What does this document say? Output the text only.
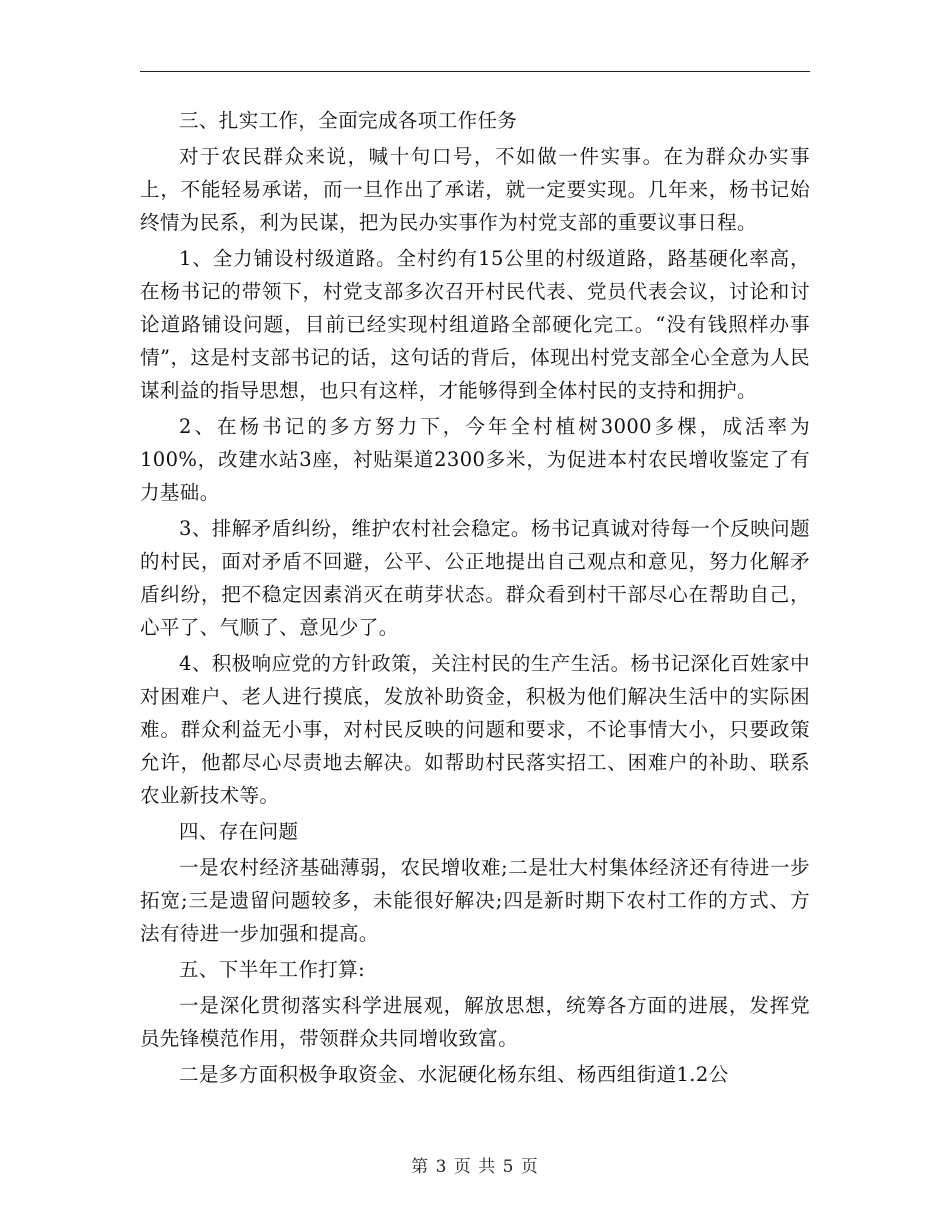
三、扎实工作，全面完成各项工作任务

对于农民群众来说，喊十句口号，不如做一件实事。在为群众办实事上，不能轻易承诺，而一旦作出了承诺，就一定要实现。几年来，杨书记始终情为民系，利为民谋，把为民办实事作为村党支部的重要议事日程。

1、全力铺设村级道路。全村约有15公里的村级道路，路基硬化率高，在杨书记的带领下，村党支部多次召开村民代表、党员代表会议，讨论和讨论道路铺设问题，目前已经实现村组道路全部硬化完工。“没有钱照样办事情”，这是村支部书记的话，这句话的背后，体现出村党支部全心全意为人民谋利益的指导思想，也只有这样，才能够得到全体村民的支持和拥护。

2、在杨书记的多方努力下，今年全村植树3000多棵，成活率为100%，改建水站3座，衬贴渠道2300多米，为促进本村农民增收鉴定了有力基础。

3、排解矛盾纠纷，维护农村社会稳定。杨书记真诚对待每一个反映问题的村民，面对矛盾不回避，公平、公正地提出自己观点和意见，努力化解矛盾纠纷，把不稳定因素消灭在萌芽状态。群众看到村干部尽心在帮助自己，心平了、气顺了、意见少了。

4、积极响应党的方针政策，关注村民的生产生活。杨书记深化百姓家中对困难户、老人进行摸底，发放补助资金，积极为他们解决生活中的实际困难。群众利益无小事，对村民反映的问题和要求，不论事情大小，只要政策允许，他都尽心尽责地去解决。如帮助村民落实招工、困难户的补助、联系农业新技术等。

四、存在问题

一是农村经济基础薄弱，农民增收难;二是壮大村集体经济还有待进一步拓宽;三是遗留问题较多，未能很好解决;四是新时期下农村工作的方式、方法有待进一步加强和提高。

五、下半年工作打算:

一是深化贯彻落实科学进展观，解放思想，统筹各方面的进展，发挥党员先锋模范作用，带领群众共同增收致富。

二是多方面积极争取资金、水泥硬化杨东组、杨西组街道1.2公

第 3 页 共 5 页
